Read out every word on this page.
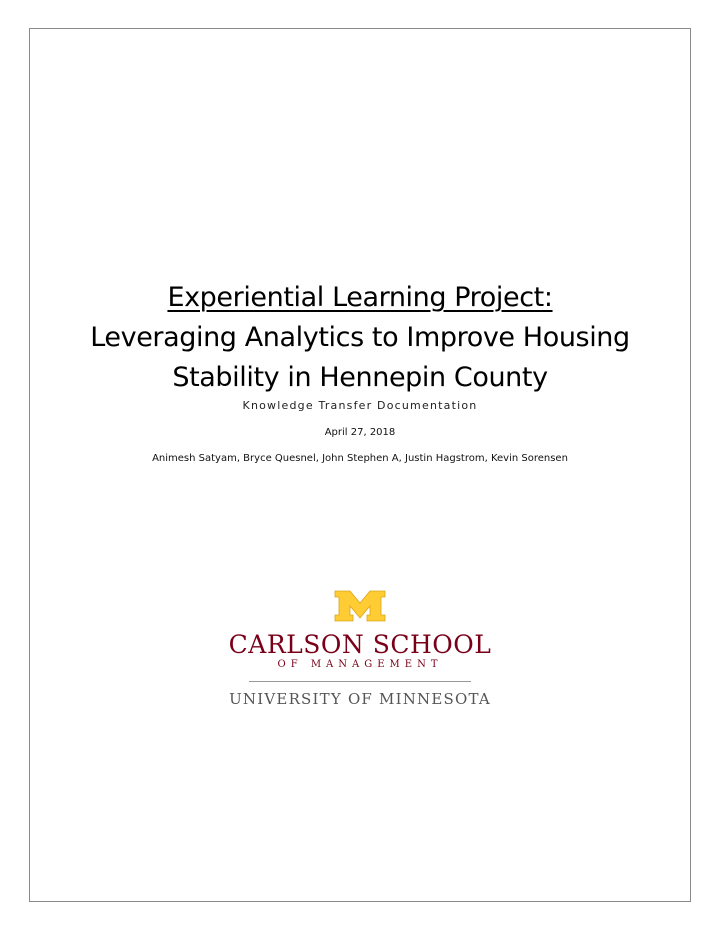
Experiential Learning Project:
Leveraging Analytics to Improve Housing
Stability in Hennepin County
Knowledge Transfer Documentation
April 27, 2018
Animesh Satyam, Bryce Quesnel, John Stephen A, Justin Hagstrom, Kevin Sorensen
CARLSON SCHOOL
OF MANAGEMENT
UNIVERSITY OF MINNESOTA
